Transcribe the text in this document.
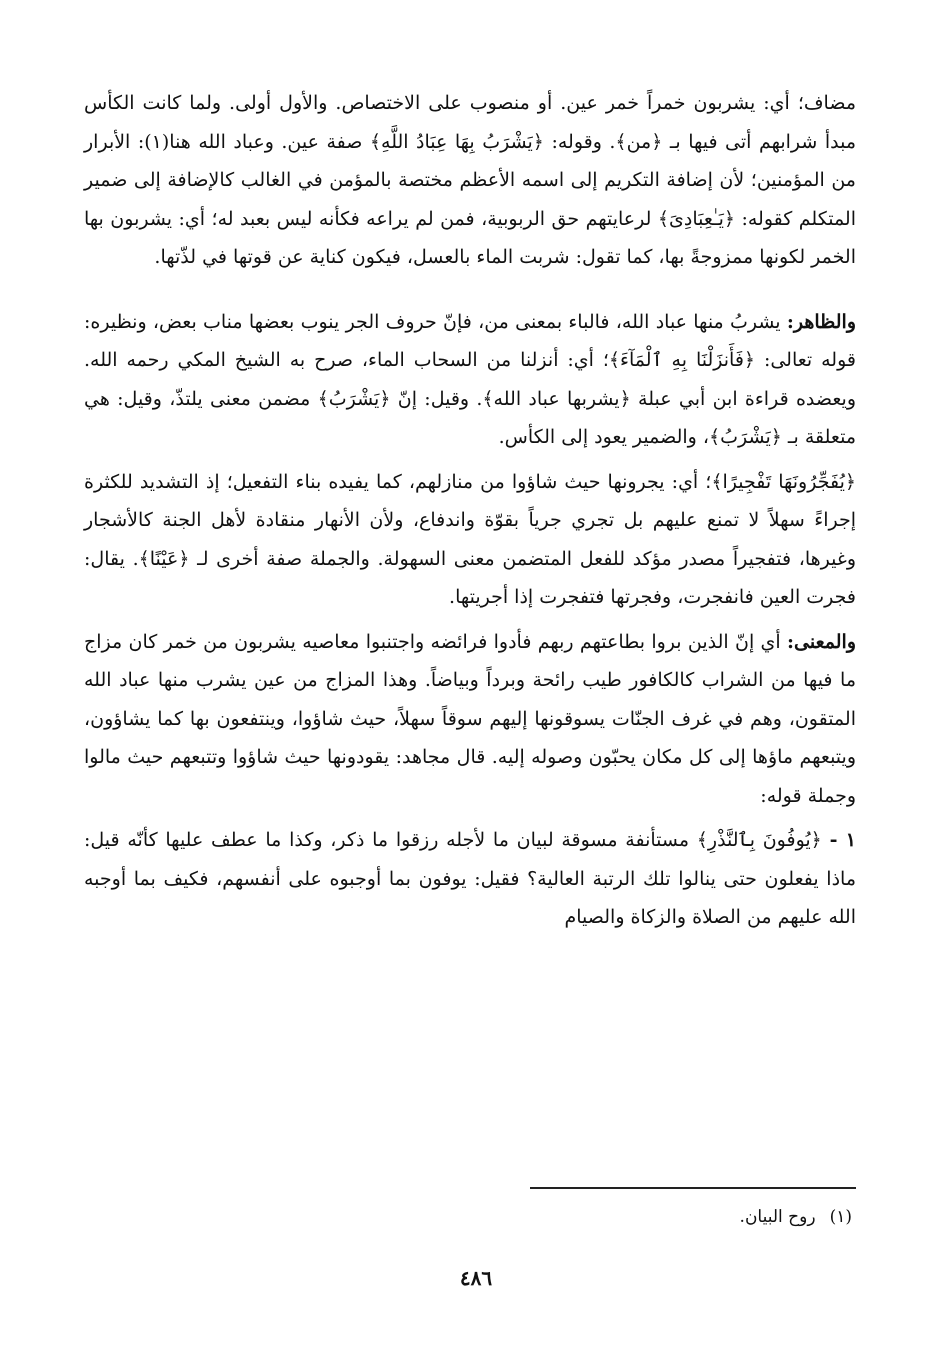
مضاف؛ أي: يشربون خمراً خمر عين. أو منصوب على الاختصاص. والأول أولى. ولما كانت الكأس مبدأ شرابهم أتى فيها بـ ﴿من﴾. وقوله: ﴿يَشْرَبُ بِهَا عِبَادُ اللَّهِ﴾ صفة عين. وعباد الله هنا(١): الأبرار من المؤمنين؛ لأن إضافة التكريم إلى اسمه الأعظم مختصة بالمؤمن في الغالب كالإضافة إلى ضمير المتكلم كقوله: ﴿يَـٰعِبَادِىَ﴾ لرعايتهم حق الربوبية، فمن لم يراعه فكأنه ليس بعبد له؛ أي: يشربون بها الخمر لكونها ممزوجةً بها، كما تقول: شربت الماء بالعسل، فيكون كناية عن قوتها في لذّتها.

والظاهر: يشربُ منها عباد الله، فالباء بمعنى من، فإنّ حروف الجر ينوب بعضها مناب بعض، ونظيره: قوله تعالى: ﴿فَأَنزَلْنَا بِهِ ٱلْمَآءَ﴾؛ أي: أنزلنا من السحاب الماء، صرح به الشيخ المكي رحمه الله. ويعضده قراءة ابن أبي عبلة ﴿يشربها عباد الله﴾. وقيل: إنّ ﴿يَشْرَبُ﴾ مضمن معنى يلتذّ، وقيل: هي متعلقة بـ ﴿يَشْرَبُ﴾، والضمير يعود إلى الكأس.

﴿يُفَجِّرُونَهَا تَفْجِيرًا﴾؛ أي: يجرونها حيث شاؤوا من منازلهم، كما يفيده بناء التفعيل؛ إذ التشديد للكثرة إجراءً سهلاً لا تمنع عليهم بل تجري جرياً بقوّة واندفاع، ولأن الأنهار منقادة لأهل الجنة كالأشجار وغيرها، فتفجيراً مصدر مؤكد للفعل المتضمن معنى السهولة. والجملة صفة أخرى لـ ﴿عَيْنًا﴾. يقال: فجرت العين فانفجرت، وفجرتها فتفجرت إذا أجريتها.

والمعنى: أي إنّ الذين بروا بطاعتهم ربهم فأدوا فرائضه واجتنبوا معاصيه يشربون من خمر كان مزاج ما فيها من الشراب كالكافور طيب رائحة وبرداً وبياضاً. وهذا المزاج من عين يشرب منها عباد الله المتقون، وهم في غرف الجنّات يسوقونها إليهم سوقاً سهلاً، حيث شاؤوا، وينتفعون بها كما يشاؤون، ويتبعهم ماؤها إلى كل مكان يحبّون وصوله إليه. قال مجاهد: يقودونها حيث شاؤوا وتتبعهم حيث مالوا وجملة قوله:

١ - ﴿يُوفُونَ بِٱلنَّذْرِ﴾ مستأنفة مسوقة لبيان ما لأجله رزقوا ما ذكر، وكذا ما عطف عليها كأنّه قيل: ماذا يفعلون حتى ينالوا تلك الرتبة العالية؟ فقيل: يوفون بما أوجبوه على أنفسهم، فكيف بما أوجبه الله عليهم من الصلاة والزكاة والصيام

(١)روح البيان.
٤٨٦
